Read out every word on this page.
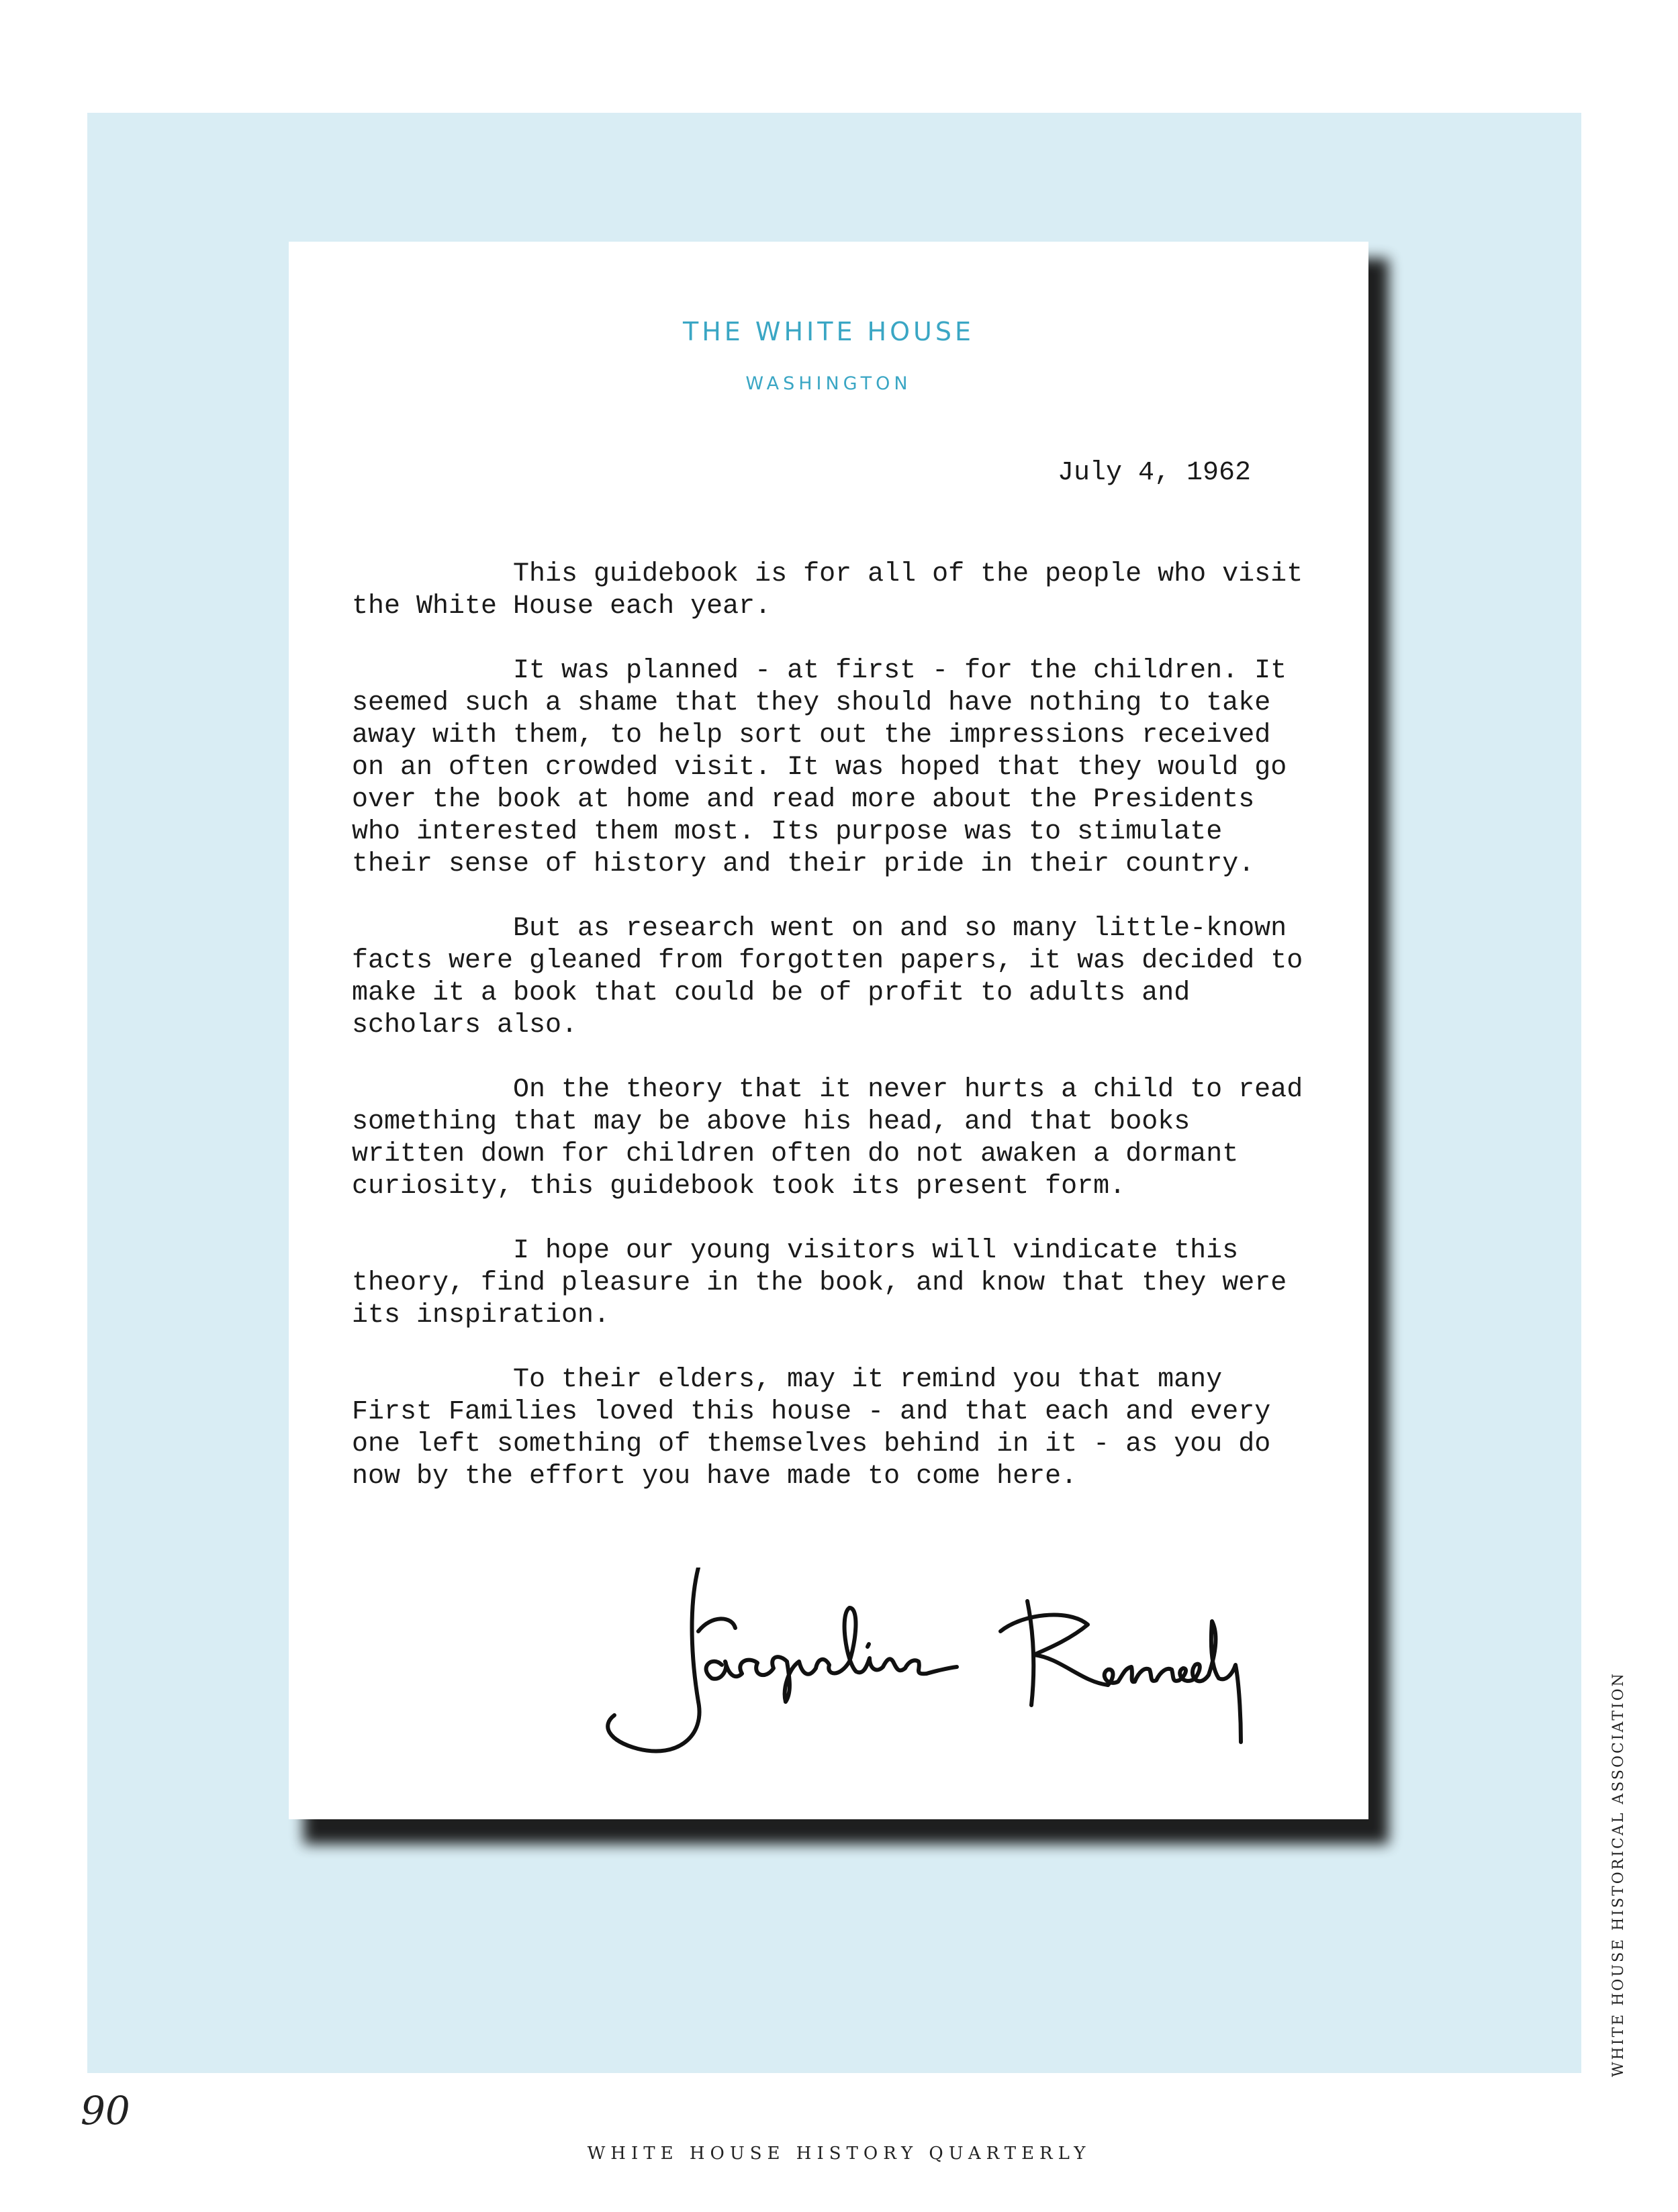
THE WHITE HOUSE
WASHINGTON
July 4, 1962

This guidebook is for all of the people who visit the White House each year.

It was planned - at first - for the children. It seemed such a shame that they should have nothing to take away with them, to help sort out the impressions received on an often crowded visit. It was hoped that they would go over the book at home and read more about the Presidents who interested them most. Its purpose was to stimulate their sense of history and their pride in their country.

But as research went on and so many little-known facts were gleaned from forgotten papers, it was decided to make it a book that could be of profit to adults and scholars also.

On the theory that it never hurts a child to read something that may be above his head, and that books written down for children often do not awaken a dormant curiosity, this guidebook took its present form.

I hope our young visitors will vindicate this theory, find pleasure in the book, and know that they were its inspiration.

To their elders, may it remind you that many First Families loved this house - and that each and every one left something of themselves behind in it - as you do now by the effort you have made to come here.

90
WHITE HOUSE HISTORY QUARTERLY
WHITE HOUSE HISTORICAL ASSOCIATION
